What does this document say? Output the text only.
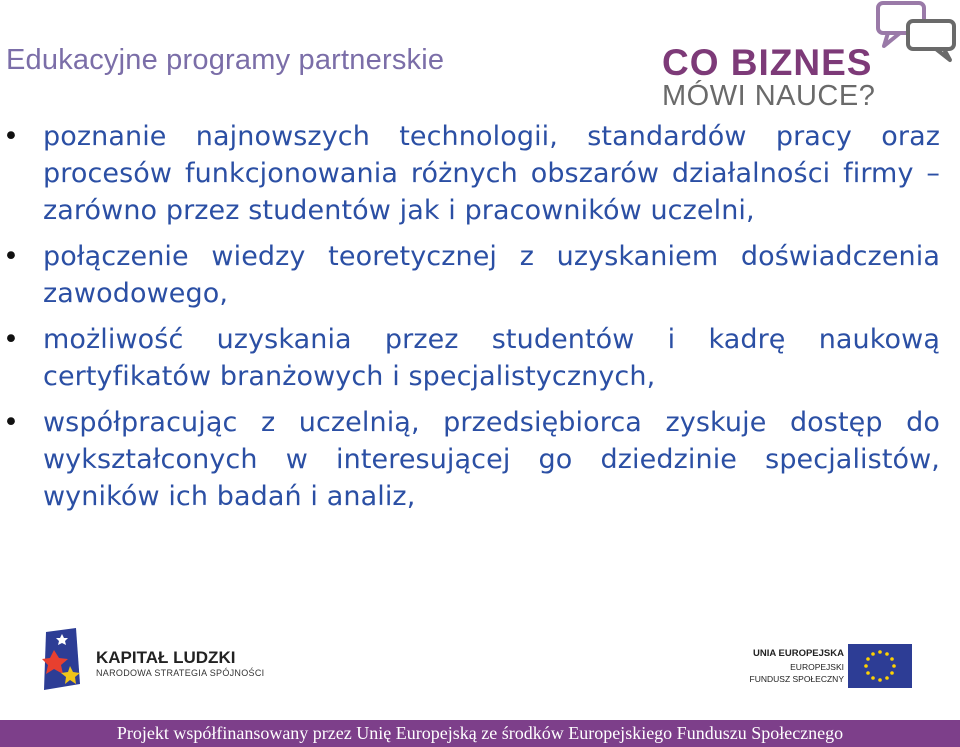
Edukacyjne programy partnerskie	CO BIZNES
MÓWI NAUCE?
• poznanie najnowszych technologii, standardów pracy oraz procesów funkcjonowania różnych obszarów działalności firmy – zarówno przez studentów jak i pracowników uczelni,
• połączenie wiedzy teoretycznej z uzyskaniem doświadczenia zawodowego,
• możliwość uzyskania przez studentów i kadrę naukową certyfikatów branżowych i specjalistycznych,
• współpracując z uczelnią, przedsiębiorca zyskuje dostęp do wykształconych w interesującej go dziedzinie specjalistów, wyników ich badań i analiz,
KAPITAŁ LUDZKI
NARODOWA STRATEGIA SPÓJNOŚCI
UNIA EUROPEJSKA
EUROPEJSKI
FUNDUSZ SPOŁECZNY
Projekt współfinansowany przez Unię Europejską ze środków Europejskiego Funduszu Społecznego
